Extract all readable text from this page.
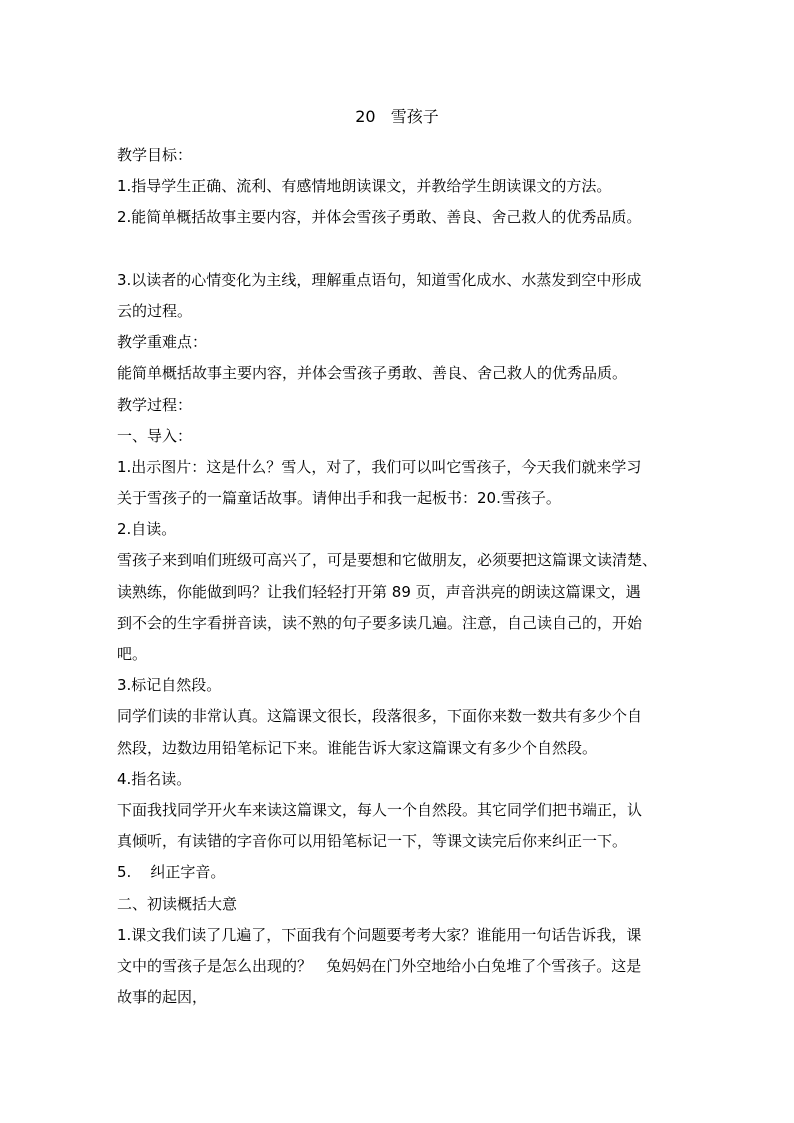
20   雪孩子
教学目标：
1.指导学生正确、流利、有感情地朗读课文，并教给学生朗读课文的方法。
2.能简单概括故事主要内容，并体会雪孩子勇敢、善良、舍己救人的优秀品质。
3.以读者的心情变化为主线，理解重点语句，知道雪化成水、水蒸发到空中形成
云的过程。
教学重难点：
能简单概括故事主要内容，并体会雪孩子勇敢、善良、舍己救人的优秀品质。
教学过程：
一、导入：
1.出示图片：这是什么？雪人，对了，我们可以叫它雪孩子，今天我们就来学习
关于雪孩子的一篇童话故事。请伸出手和我一起板书：20.雪孩子。
2.自读。
雪孩子来到咱们班级可高兴了，可是要想和它做朋友，必须要把这篇课文读清楚、
读熟练，你能做到吗？让我们轻轻打开第 89 页，声音洪亮的朗读这篇课文，遇
到不会的生字看拼音读，读不熟的句子要多读几遍。注意，自己读自己的，开始
吧。
3.标记自然段。
同学们读的非常认真。这篇课文很长，段落很多，下面你来数一数共有多少个自
然段，边数边用铅笔标记下来。谁能告诉大家这篇课文有多少个自然段。
4.指名读。
下面我找同学开火车来读这篇课文，每人一个自然段。其它同学们把书端正，认
真倾听，有读错的字音你可以用铅笔标记一下，等课文读完后你来纠正一下。
5.    纠正字音。
二、初读概括大意
1.课文我们读了几遍了，下面我有个问题要考考大家？谁能用一句话告诉我，课
文中的雪孩子是怎么出现的？   兔妈妈在门外空地给小白兔堆了个雪孩子。这是
故事的起因，
